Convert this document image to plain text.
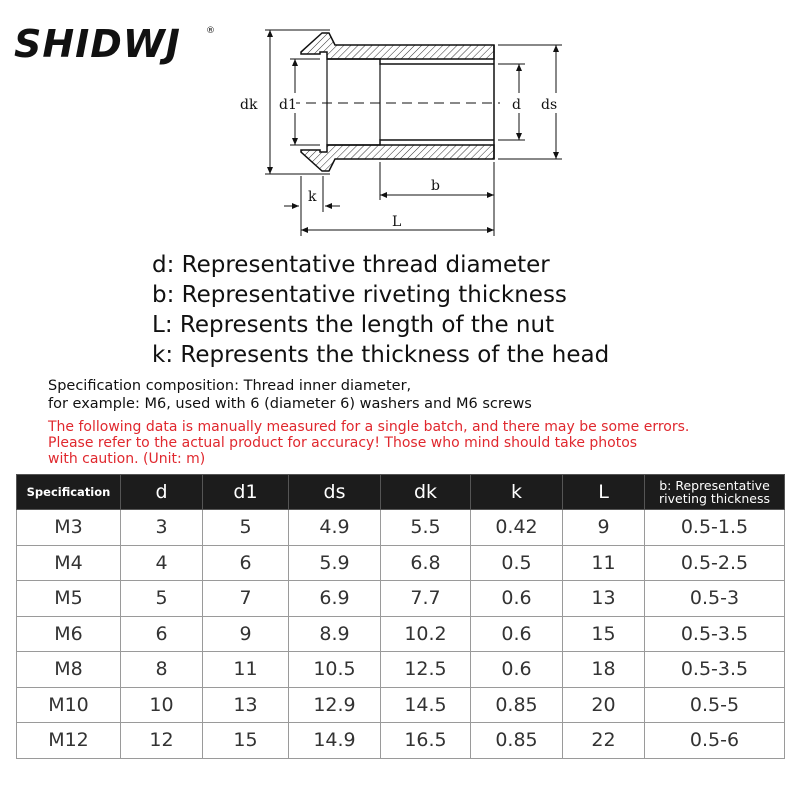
SHIDWJ	®
dk d1	d ds
b
k
L
d: Representative thread diameter
b: Representative riveting thickness
L: Represents the length of the nut
k: Represents the thickness of the head
Specification composition: Thread inner diameter,
for example: M6, used with 6 (diameter 6) washers and M6 screws
The following data is manually measured for a single batch, and there may be some errors.
Please refer to the actual product for accuracy! Those who mind should take photos
with caution. (Unit: m)
Specification	d	d1	ds	dk	k	L	b: Representative riveting thickness
M3	3	5	4.9	5.5	0.42	9	0.5-1.5
M4	4	6	5.9	6.8	0.5	11	0.5-2.5
M5	5	7	6.9	7.7	0.6	13	0.5-3
M6	6	9	8.9	10.2	0.6	15	0.5-3.5
M8	8	11	10.5	12.5	0.6	18	0.5-3.5
M10	10	13	12.9	14.5	0.85	20	0.5-5
M12	12	15	14.9	16.5	0.85	22	0.5-6
